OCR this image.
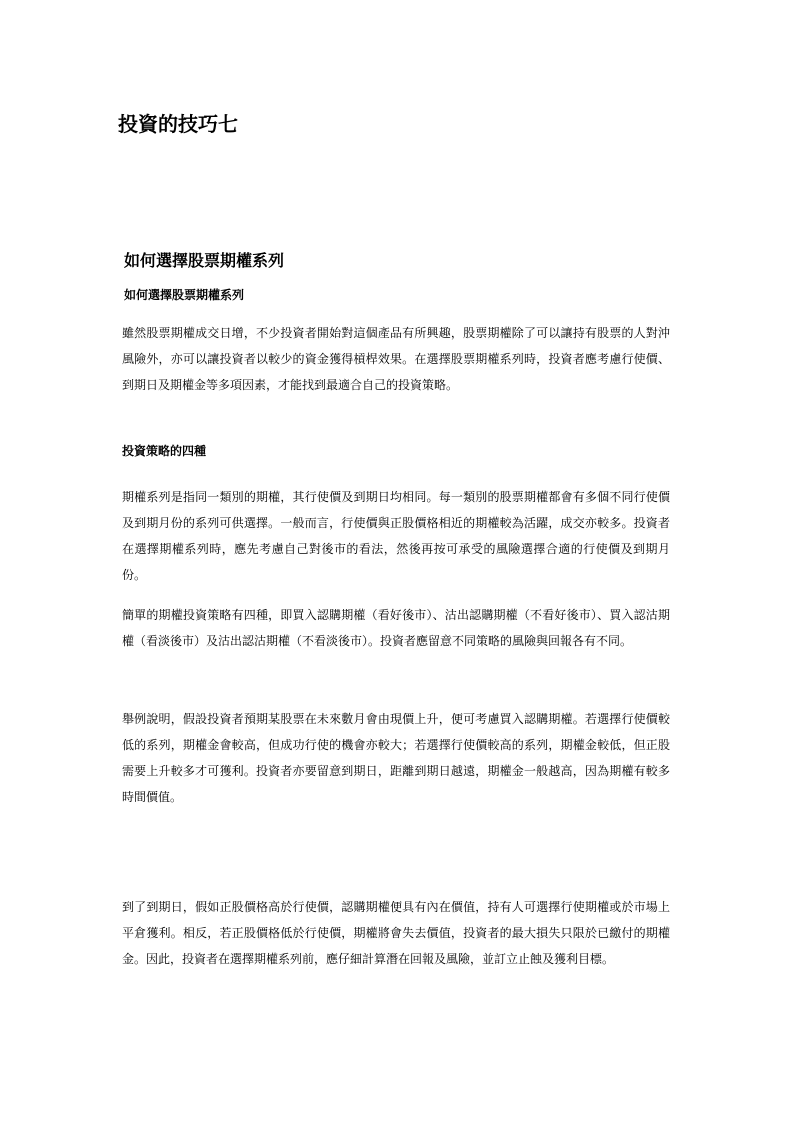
投資的技巧七
如何選擇股票期權系列
如何選擇股票期權系列

雖然股票期權成交日增，不少投資者開始對這個產品有所興趣，股票期權除了可以讓持有股票的人對沖風險外，亦可以讓投資者以較少的資金獲得槓桿效果。在選擇股票期權系列時，投資者應考慮行使價、到期日及期權金等多項因素，才能找到最適合自己的投資策略。

投資策略的四種

期權系列是指同一類別的期權，其行使價及到期日均相同。每一類別的股票期權都會有多個不同行使價及到期月份的系列可供選擇。一般而言，行使價與正股價格相近的期權較為活躍，成交亦較多。投資者在選擇期權系列時，應先考慮自己對後市的看法，然後再按可承受的風險選擇合適的行使價及到期月份。

簡單的期權投資策略有四種，即買入認購期權（看好後市）、沽出認購期權（不看好後市）、買入認沽期權（看淡後市）及沽出認沽期權（不看淡後市）。投資者應留意不同策略的風險與回報各有不同。

舉例說明，假設投資者預期某股票在未來數月會由現價上升，便可考慮買入認購期權。若選擇行使價較低的系列，期權金會較高，但成功行使的機會亦較大；若選擇行使價較高的系列，期權金較低，但正股需要上升較多才可獲利。投資者亦要留意到期日，距離到期日越遠，期權金一般越高，因為期權有較多時間價值。

到了到期日，假如正股價格高於行使價，認購期權便具有內在價值，持有人可選擇行使期權或於市場上平倉獲利。相反，若正股價格低於行使價，期權將會失去價值，投資者的最大損失只限於已繳付的期權金。因此，投資者在選擇期權系列前，應仔細計算潛在回報及風險，並訂立止蝕及獲利目標。
